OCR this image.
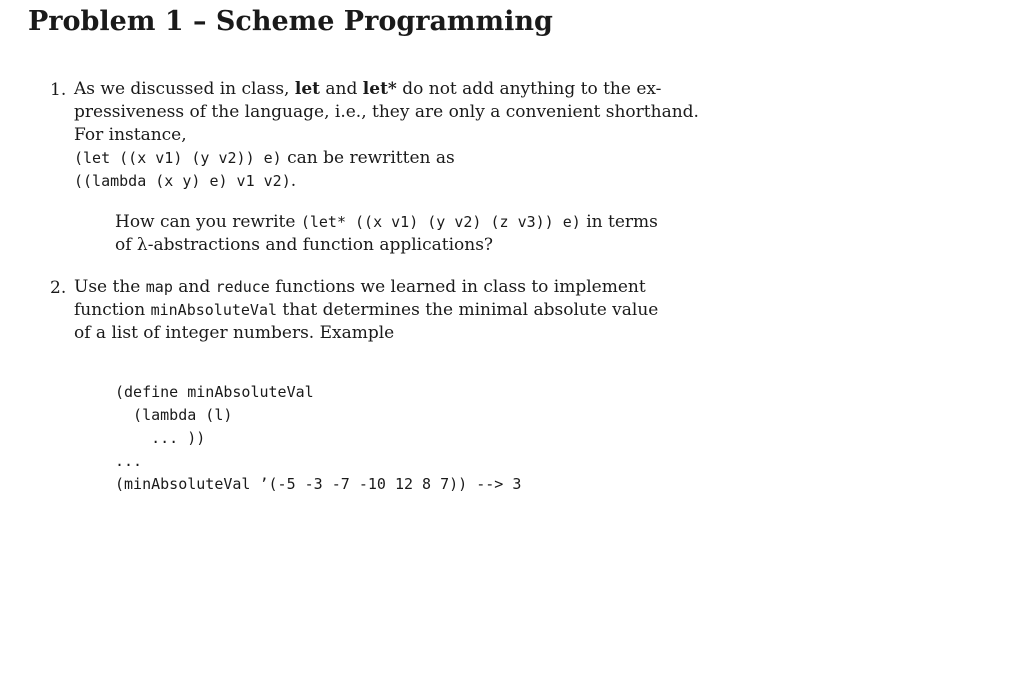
Problem 1 – Scheme Programming
1. As we discussed in class, let and let* do not add anything to the ex-
pressiveness of the language, i.e., they are only a convenient shorthand.
For instance,
(let ((x v1) (y v2)) e) can be rewritten as
((lambda (x y) e) v1 v2).
How can you rewrite (let* ((x v1) (y v2) (z v3)) e) in terms
of λ-abstractions and function applications?
2. Use the map and reduce functions we learned in class to implement
function minAbsoluteVal that determines the minimal absolute value
of a list of integer numbers. Example
(define minAbsoluteVal
(lambda (l)
... ))
...
(minAbsoluteVal ’(-5 -3 -7 -10 12 8 7)) --> 3
